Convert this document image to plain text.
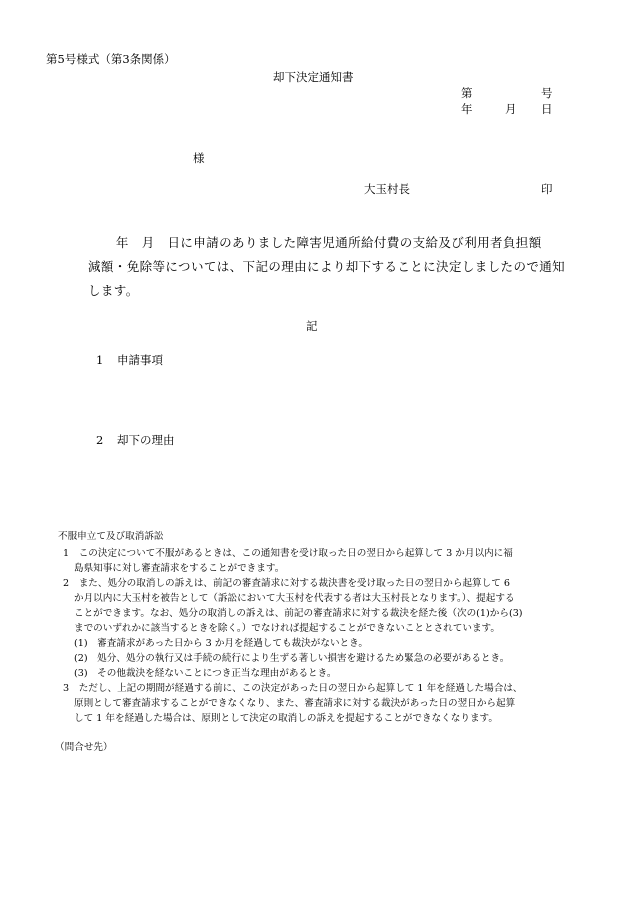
第5号様式（第3条関係）
却下決定通知書
第	号
年	月 日
様
大玉村長	印
　年　月　日に申請のありました障害児通所給付費の支給及び利用者負担額
減額・免除等については、下記の理由により却下することに決定しましたので通知
します。
記
1 申請事項
2 却下の理由
不服申立て及び取消訴訟
1　この決定について不服があるときは、この通知書を受け取った日の翌日から起算して 3 か月以内に福
島県知事に対し審査請求をすることができます。
2　また、処分の取消しの訴えは、前記の審査請求に対する裁決書を受け取った日の翌日から起算して 6
か月以内に大玉村を被告として（訴訟において大玉村を代表する者は大玉村長となります。）、提起する
ことができます。なお、処分の取消しの訴えは、前記の審査請求に対する裁決を経た後（次の(1)から(3)
までのいずれかに該当するときを除く。）でなければ提起することができないこととされています。
(1)　審査請求があった日から 3 か月を経過しても裁決がないとき。
(2)　処分、処分の執行又は手続の続行により生ずる著しい損害を避けるため緊急の必要があるとき。
(3)　その他裁決を経ないことにつき正当な理由があるとき。
3　ただし、上記の期間が経過する前に、この決定があった日の翌日から起算して 1 年を経過した場合は、
原則として審査請求することができなくなり、また、審査請求に対する裁決があった日の翌日から起算
して 1 年を経過した場合は、原則として決定の取消しの訴えを提起することができなくなります。
（問合せ先）
